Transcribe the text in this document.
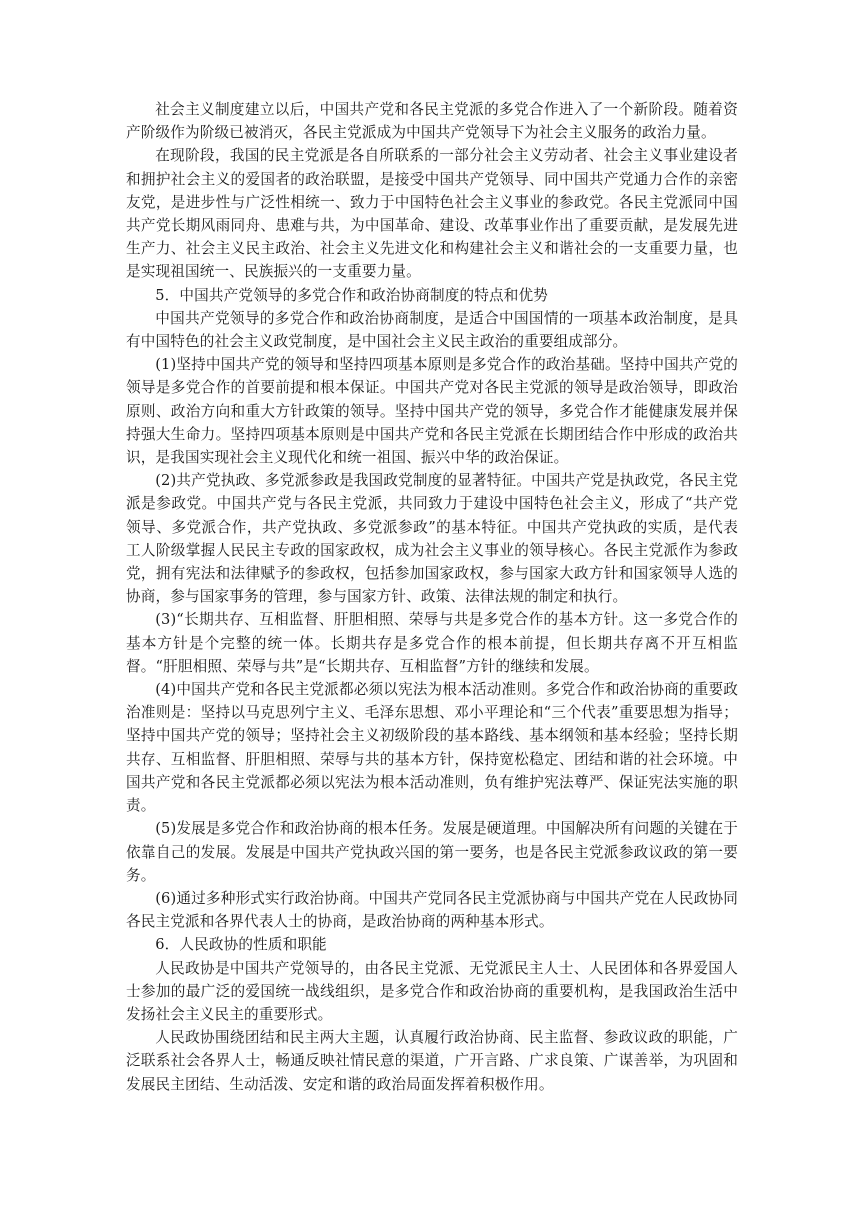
社会主义制度建立以后，中国共产党和各民主党派的多党合作进入了一个新阶段。随着资产阶级作为阶级已被消灭，各民主党派成为中国共产党领导下为社会主义服务的政治力量。

在现阶段，我国的民主党派是各自所联系的一部分社会主义劳动者、社会主义事业建设者和拥护社会主义的爱国者的政治联盟，是接受中国共产党领导、同中国共产党通力合作的亲密友党，是进步性与广泛性相统一、致力于中国特色社会主义事业的参政党。各民主党派同中国共产党长期风雨同舟、患难与共，为中国革命、建设、改革事业作出了重要贡献，是发展先进生产力、社会主义民主政治、社会主义先进文化和构建社会主义和谐社会的一支重要力量，也是实现祖国统一、民族振兴的一支重要力量。

5．中国共产党领导的多党合作和政治协商制度的特点和优势

中国共产党领导的多党合作和政治协商制度，是适合中国国情的一项基本政治制度，是具有中国特色的社会主义政党制度，是中国社会主义民主政治的重要组成部分。

(1)坚持中国共产党的领导和坚持四项基本原则是多党合作的政治基础。坚持中国共产党的领导是多党合作的首要前提和根本保证。中国共产党对各民主党派的领导是政治领导，即政治原则、政治方向和重大方针政策的领导。坚持中国共产党的领导，多党合作才能健康发展并保持强大生命力。坚持四项基本原则是中国共产党和各民主党派在长期团结合作中形成的政治共识，是我国实现社会主义现代化和统一祖国、振兴中华的政治保证。

(2)共产党执政、多党派参政是我国政党制度的显著特征。中国共产党是执政党，各民主党派是参政党。中国共产党与各民主党派，共同致力于建设中国特色社会主义，形成了“共产党领导、多党派合作，共产党执政、多党派参政”的基本特征。中国共产党执政的实质，是代表工人阶级掌握人民民主专政的国家政权，成为社会主义事业的领导核心。各民主党派作为参政党，拥有宪法和法律赋予的参政权，包括参加国家政权，参与国家大政方针和国家领导人选的协商，参与国家事务的管理，参与国家方针、政策、法律法规的制定和执行。

(3)“长期共存、互相监督、肝胆相照、荣辱与共是多党合作的基本方针。这一多党合作的基本方针是个完整的统一体。长期共存是多党合作的根本前提，但长期共存离不开互相监督。“肝胆相照、荣辱与共”是“长期共存、互相监督”方针的继续和发展。

(4)中国共产党和各民主党派都必须以宪法为根本活动准则。多党合作和政治协商的重要政治准则是：坚持以马克思列宁主义、毛泽东思想、邓小平理论和“三个代表”重要思想为指导；坚持中国共产党的领导；坚持社会主义初级阶段的基本路线、基本纲领和基本经验；坚持长期共存、互相监督、肝胆相照、荣辱与共的基本方针，保持宽松稳定、团结和谐的社会环境。中国共产党和各民主党派都必须以宪法为根本活动准则，负有维护宪法尊严、保证宪法实施的职责。

(5)发展是多党合作和政治协商的根本任务。发展是硬道理。中国解决所有问题的关键在于依靠自己的发展。发展是中国共产党执政兴国的第一要务，也是各民主党派参政议政的第一要务。

(6)通过多种形式实行政治协商。中国共产党同各民主党派协商与中国共产党在人民政协同各民主党派和各界代表人士的协商，是政治协商的两种基本形式。

6．人民政协的性质和职能

人民政协是中国共产党领导的，由各民主党派、无党派民主人士、人民团体和各界爱国人士参加的最广泛的爱国统一战线组织，是多党合作和政治协商的重要机构，是我国政治生活中发扬社会主义民主的重要形式。

人民政协围绕团结和民主两大主题，认真履行政治协商、民主监督、参政议政的职能，广泛联系社会各界人士，畅通反映社情民意的渠道，广开言路、广求良策、广谋善举，为巩固和发展民主团结、生动活泼、安定和谐的政治局面发挥着积极作用。
